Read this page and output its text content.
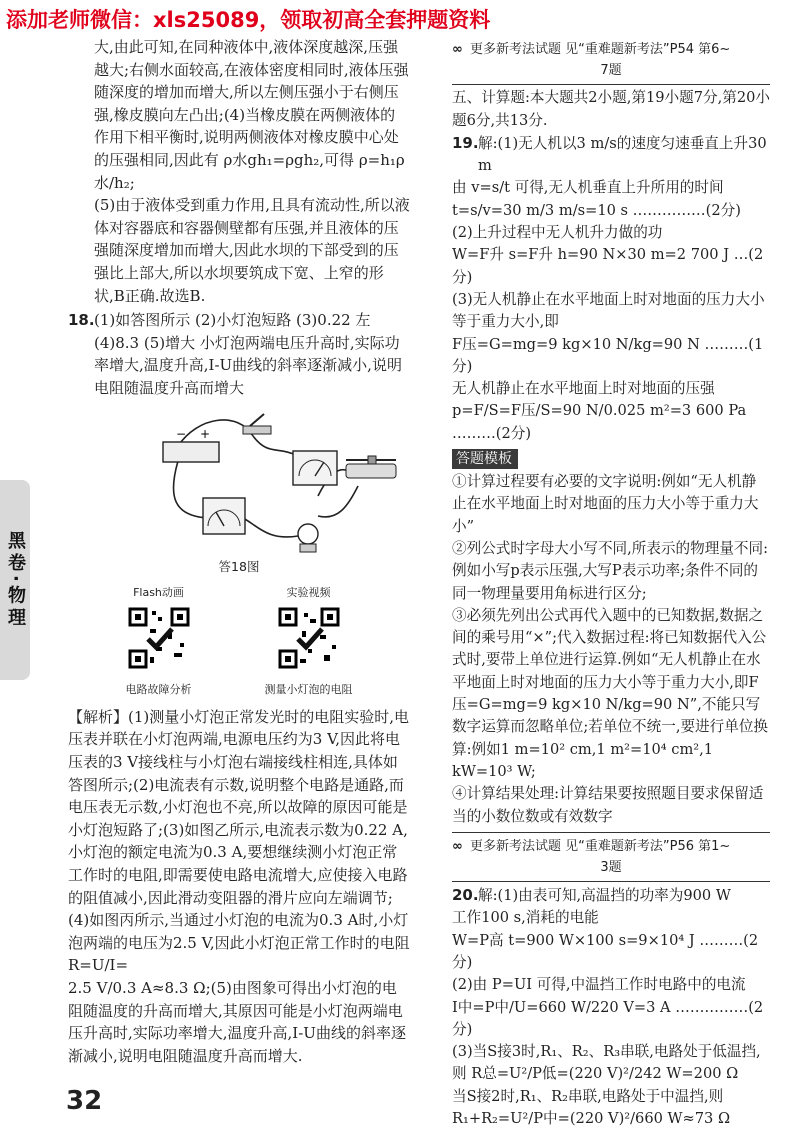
添加老师微信：xls25089，领取初高全套押题资料
黑卷·物理

大,由此可知,在同种液体中,液体深度越深,压强越大;右侧水面较高,在液体密度相同时,液体压强随深度的增加而增大,所以左侧压强小于右侧压强,橡皮膜向左凸出;(4)当橡皮膜在两侧液体的作用下相平衡时,说明两侧液体对橡皮膜中心处

的压强相同,因此有 ρ水gh₁=ρgh₂,可得 ρ=h₁ρ水/h₂;

(5)由于液体受到重力作用,且具有流动性,所以液体对容器底和容器侧壁都有压强,并且液体的压强随深度增加而增大,因此水坝的下部受到的压强比上部大,所以水坝要筑成下宽、上窄的形状,B正确.故选B.

18.(1)如答图所示 (2)小灯泡短路 (3)0.22 左 (4)8.3 (5)增大 小灯泡两端电压升高时,实际功率增大,温度升高,I-U曲线的斜率逐渐减小,说明电阻随温度升高而增大

− +
答18图
Flash动画
电路故障分析
实验视频
测量小灯泡的电阻

【解析】(1)测量小灯泡正常发光时的电阻实验时,电压表并联在小灯泡两端,电源电压约为3 V,因此将电压表的3 V接线柱与小灯泡右端接线柱相连,具体如答图所示;(2)电流表有示数,说明整个电路是通路,而电压表无示数,小灯泡也不亮,所以故障的原因可能是小灯泡短路了;(3)如图乙所示,电流表示数为0.22 A,小灯泡的额定电流为0.3 A,要想继续测小灯泡正常工作时的电阻,即需要使电路电流增大,应使接入电路的阻值减小,因此滑动变阻器的滑片应向左端调节;(4)如图丙所示,当通过小灯泡的电流为0.3 A时,小灯泡两端的电压为2.5 V,因此小灯泡正常工作时的电阻 R=U/I=

2.5 V/0.3 A≈8.3 Ω;(5)由图象可得出小灯泡的电阻随温度的升高而增大,其原因可能是小灯泡两端电压升高时,实际功率增大,温度升高,I-U曲线的斜率逐渐减小,说明电阻随温度升高而增大.

∞ 更多新考法试题 见“重难题新考法”P54 第6~
7题

五、计算题:本大题共2小题,第19小题7分,第20小题6分,共13分.

19.解:(1)无人机以3 m/s的速度匀速垂直上升30 m

由 v=s/t 可得,无人机垂直上升所用的时间

t=s/v=30 m/3 m/s=10 s ……………(2分)

(2)上升过程中无人机升力做的功

W=F升 s=F升 h=90 N×30 m=2 700 J …(2分)

(3)无人机静止在水平地面上时对地面的压力大小等于重力大小,即

F压=G=mg=9 kg×10 N/kg=90 N ………(1分)

无人机静止在水平地面上时对地面的压强

p=F/S=F压/S=90 N/0.025 m²=3 600 Pa ………(2分)

答题模板

①计算过程要有必要的文字说明:例如“无人机静止在水平地面上时对地面的压力大小等于重力大小”

②列公式时字母大小写不同,所表示的物理量不同:例如小写p表示压强,大写P表示功率;条件不同的同一物理量要用角标进行区分;

③必须先列出公式再代入题中的已知数据,数据之间的乘号用“×”;代入数据过程:将已知数据代入公式时,要带上单位进行运算.例如“无人机静止在水平地面上时对地面的压力大小等于重力大小,即F压=G=mg=9 kg×10 N/kg=90 N”,不能只写数字运算而忽略单位;若单位不统一,要进行单位换算:例如1 m=10² cm,1 m²=10⁴ cm²,1 kW=10³ W;

④计算结果处理:计算结果要按照题目要求保留适当的小数位数或有效数字

∞ 更多新考法试题 见“重难题新考法”P56 第1~
3题

20.解:(1)由表可知,高温挡的功率为900 W

工作100 s,消耗的电能

W=P高 t=900 W×100 s=9×10⁴ J ………(2分)

(2)由 P=UI 可得,中温挡工作时电路中的电流

I中=P中/U=660 W/220 V=3 A ……………(2分)

(3)当S接3时,R₁、R₂、R₃串联,电路处于低温挡,则 R总=U²/P低=(220 V)²/242 W=200 Ω

当S接2时,R₁、R₂串联,电路处于中温挡,则

R₁+R₂=U²/P中=(220 V)²/660 W≈73 Ω

32
